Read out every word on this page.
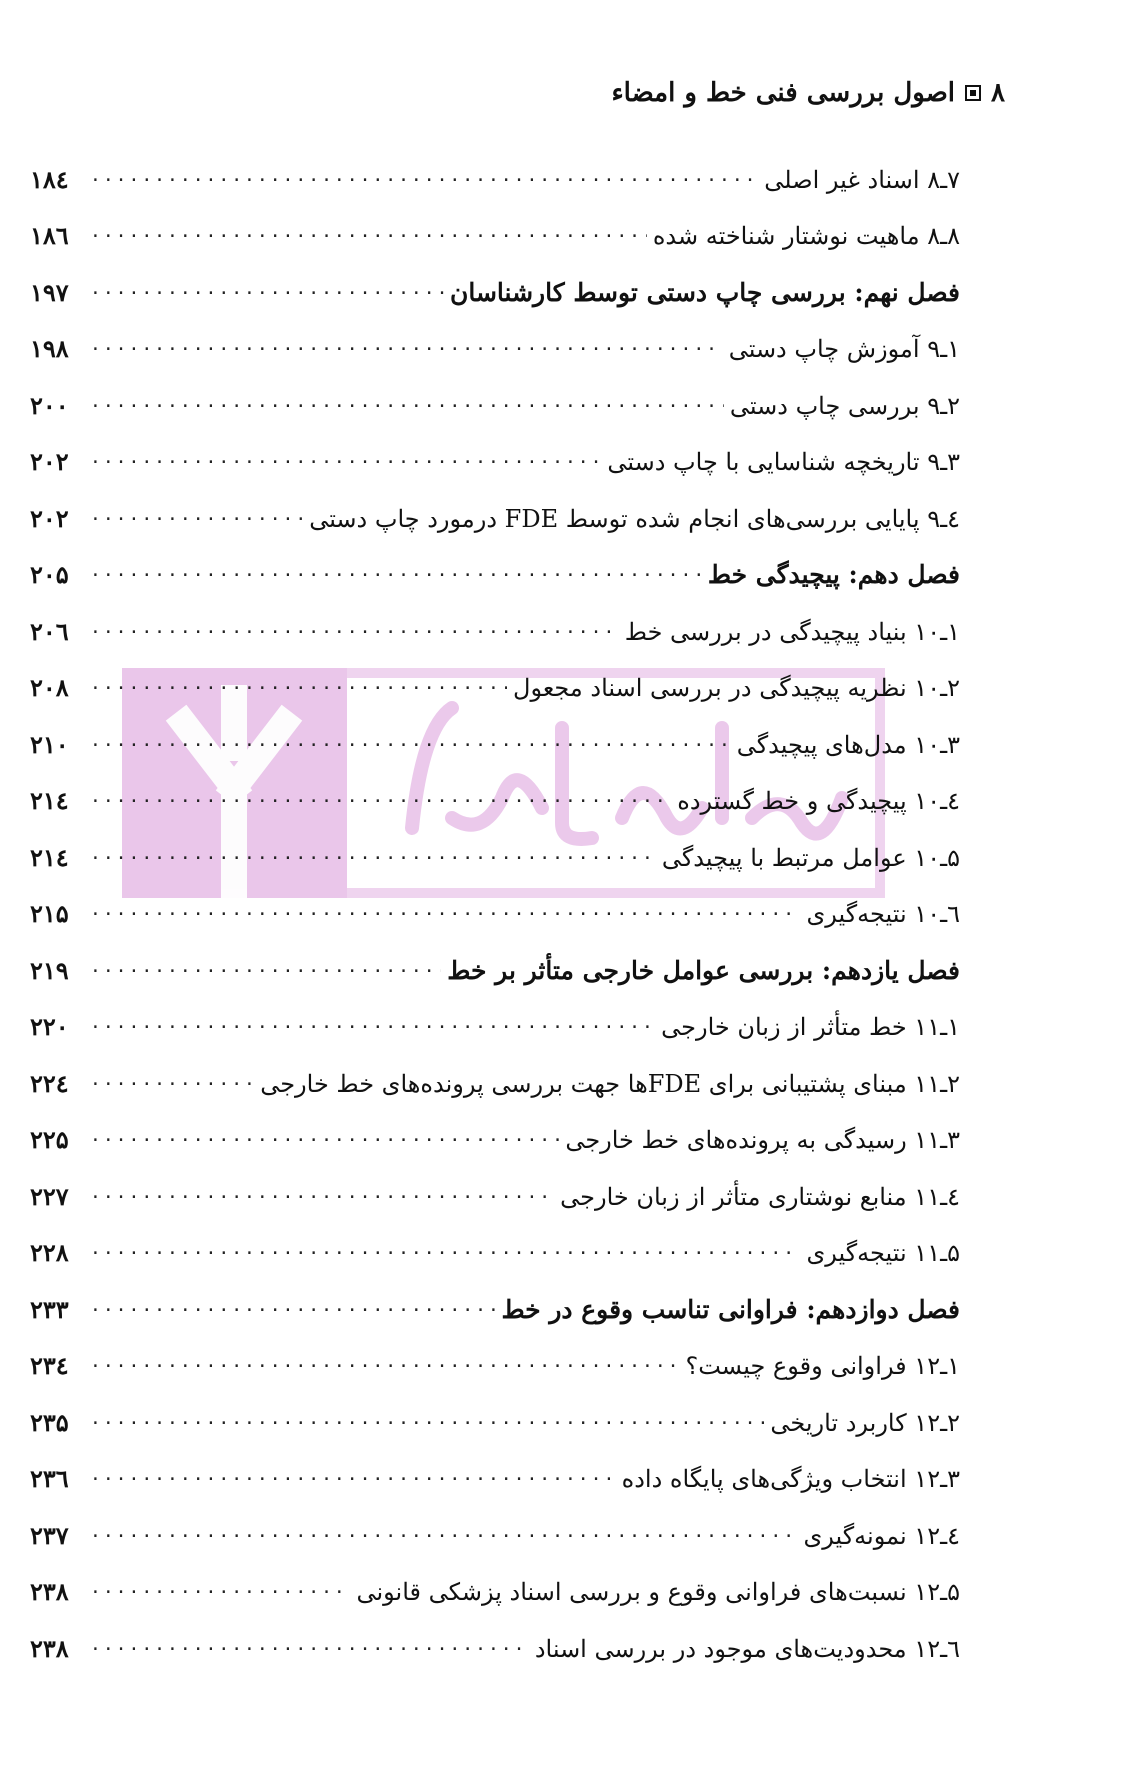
۸
اصول بررسی فنی خط و امضاء
۷ـ۸ اسناد غیر اصلی
.....
۱۸٤
۸ـ۸ ماهیت نوشتار شناخته شده
.....
۱۸٦
فصل نهم: بررسی چاپ دستی توسط کارشناسان
.....
۱۹۷
۱ـ۹ آموزش چاپ دستی
.....
۱۹۸
۲ـ۹ بررسی چاپ دستی
.....
۲۰۰
۳ـ۹ تاریخچه شناسایی با چاپ دستی
.....
۲۰۲
٤ـ۹ پایایی بررسی‌های انجام شده توسط FDE درمورد چاپ دستی
.....
۲۰۲
فصل دهم: پیچیدگی خط
.....
۲۰۵
۱ـ۱۰ بنیاد پیچیدگی در بررسی خط
.....
۲۰٦
۲ـ۱۰ نظریه پیچیدگی در بررسی اسناد مجعول
.....
۲۰۸
۳ـ۱۰ مدل‌های پیچیدگی
.....
۲۱۰
٤ـ۱۰ پیچیدگی و خط گسترده
.....
۲۱٤
۵ـ۱۰ عوامل مرتبط با پیچیدگی
.....
۲۱٤
٦ـ۱۰ نتیجه‌گیری
.....
۲۱۵
فصل یازدهم: بررسی عوامل خارجی متأثر بر خط
.....
۲۱۹
۱ـ۱۱ خط متأثر از زبان خارجی
.....
۲۲۰
۲ـ۱۱ مبنای پشتیبانی برای FDEها جهت بررسی پرونده‌های خط خارجی
.....
۲۲٤
۳ـ۱۱ رسیدگی به پرونده‌های خط خارجی
.....
۲۲۵
٤ـ۱۱ منابع نوشتاری متأثر از زبان خارجی
.....
۲۲۷
۵ـ۱۱ نتیجه‌گیری
.....
۲۲۸
فصل دوازدهم: فراوانی تناسب وقوع در خط
.....
۲۳۳
۱ـ۱۲ فراوانی وقوع چیست؟
.....
۲۳٤
۲ـ۱۲ کاربرد تاریخی
.....
۲۳۵
۳ـ۱۲ انتخاب ویژگی‌های پایگاه داده
.....
۲۳٦
٤ـ۱۲ نمونه‌گیری
.....
۲۳۷
۵ـ۱۲ نسبت‌های فراوانی وقوع و بررسی اسناد پزشکی قانونی
.....
۲۳۸
٦ـ۱۲ محدودیت‌های موجود در بررسی اسناد
.....
۲۳۸
